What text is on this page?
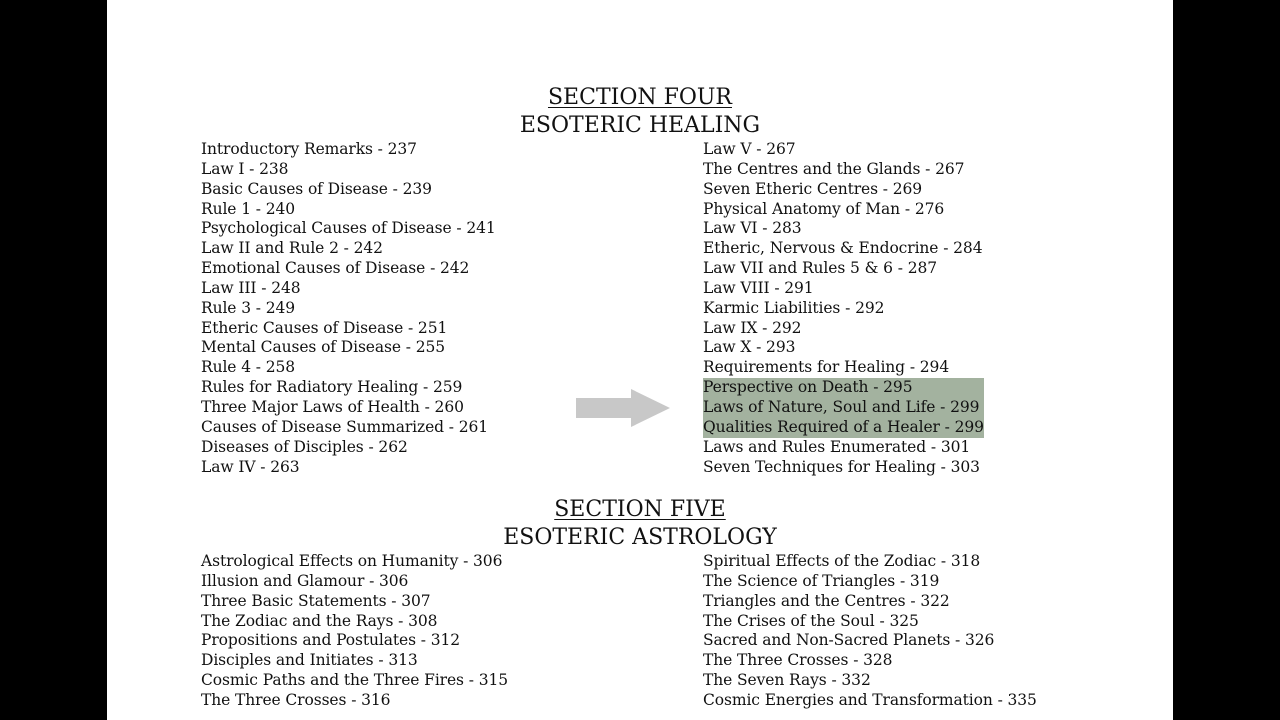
SECTION FOUR
ESOTERIC HEALING
Introductory Remarks - 237
Law I - 238
Basic Causes of Disease - 239
Rule 1 - 240
Psychological Causes of Disease - 241
Law II and Rule 2 - 242
Emotional Causes of Disease - 242
Law III - 248
Rule 3 - 249
Etheric Causes of Disease - 251
Mental Causes of Disease - 255
Rule 4 - 258
Rules for Radiatory Healing - 259
Three Major Laws of Health - 260
Causes of Disease Summarized - 261
Diseases of Disciples - 262
Law IV - 263
Law V - 267
The Centres and the Glands - 267
Seven Etheric Centres - 269
Physical Anatomy of Man - 276
Law VI - 283
Etheric, Nervous & Endocrine - 284
Law VII and Rules 5 & 6 - 287
Law VIII - 291
Karmic Liabilities - 292
Law IX - 292
Law X - 293
Requirements for Healing - 294
Perspective on Death - 295
Laws of Nature, Soul and Life - 299
Qualities Required of a Healer - 299
Laws and Rules Enumerated - 301
Seven Techniques for Healing - 303
SECTION FIVE
ESOTERIC ASTROLOGY
Astrological Effects on Humanity - 306
Illusion and Glamour - 306
Three Basic Statements - 307
The Zodiac and the Rays - 308
Propositions and Postulates - 312
Disciples and Initiates - 313
Cosmic Paths and the Three Fires - 315
The Three Crosses - 316
Spiritual Effects of the Zodiac - 318
The Science of Triangles - 319
Triangles and the Centres - 322
The Crises of the Soul - 325
Sacred and Non-Sacred Planets - 326
The Three Crosses - 328
The Seven Rays - 332
Cosmic Energies and Transformation - 335
